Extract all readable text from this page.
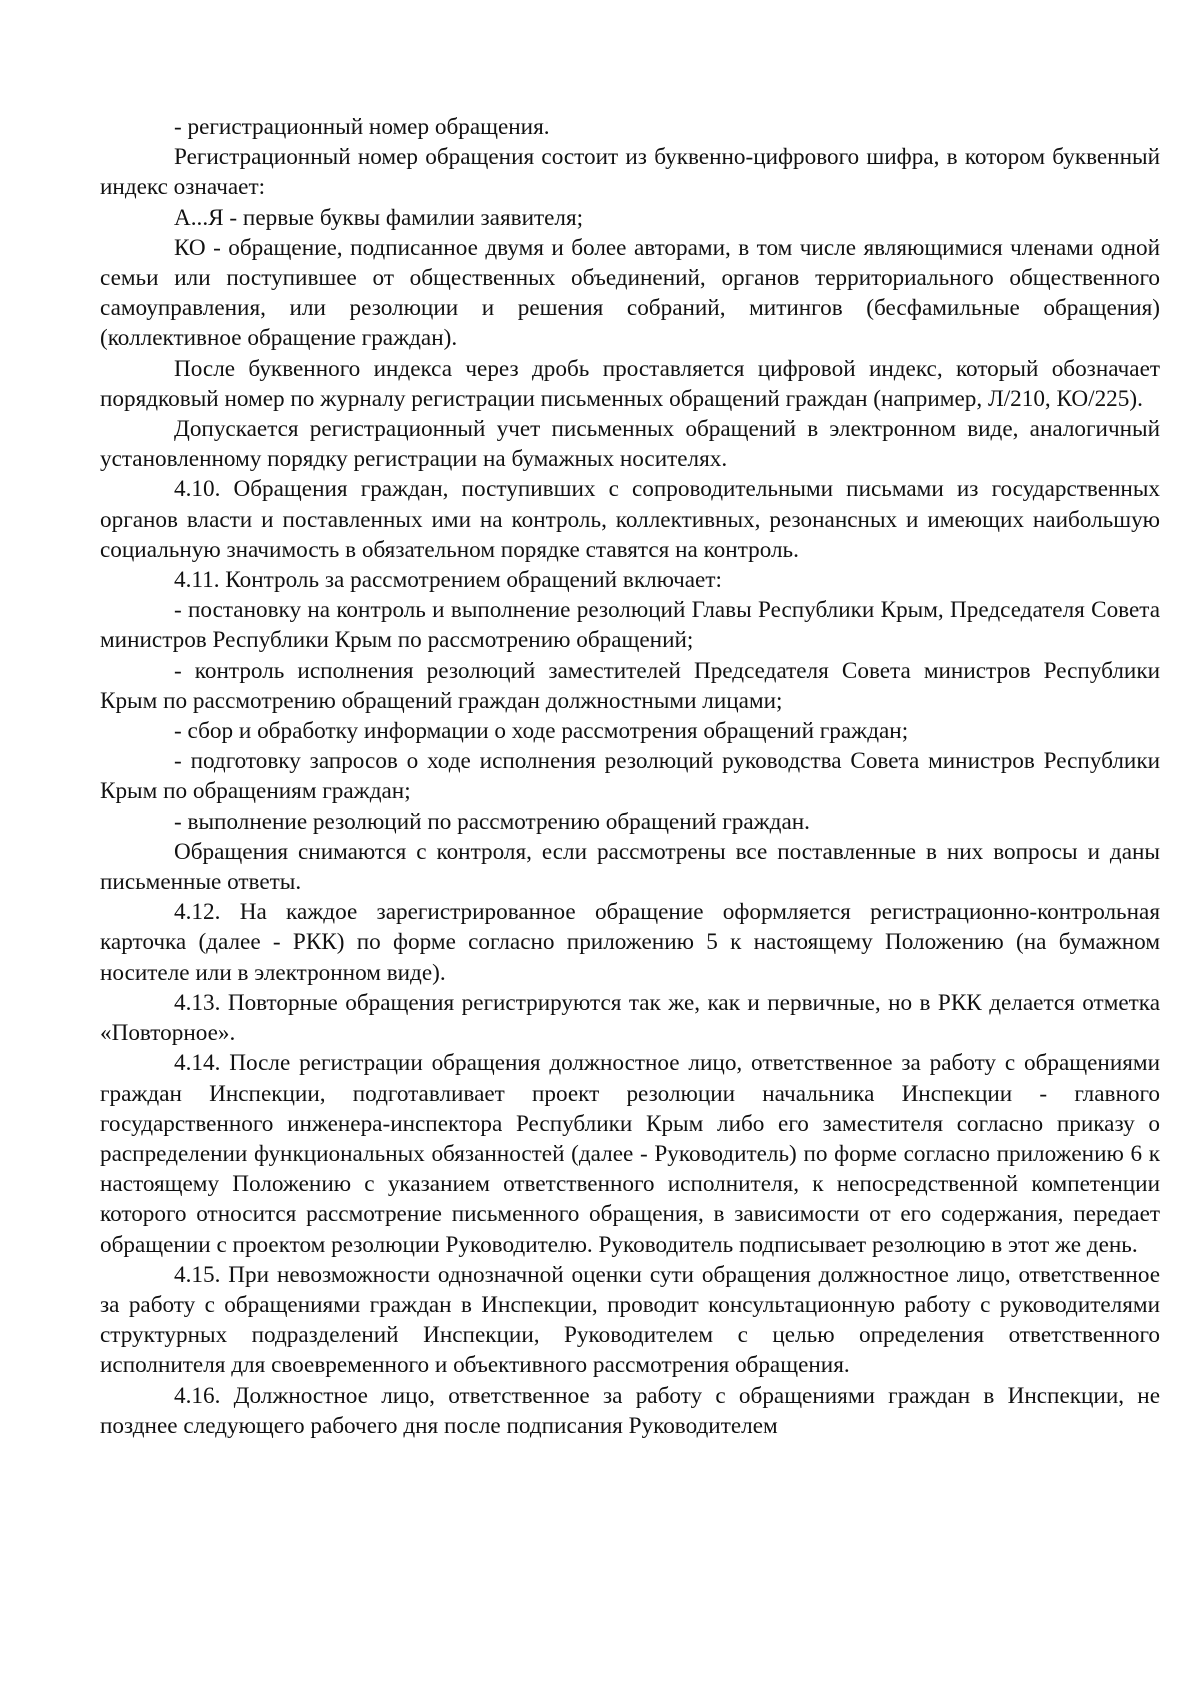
- регистрационный номер обращения.

Регистрационный номер обращения состоит из буквенно-цифрового шифра, в котором буквенный индекс означает:

А...Я - первые буквы фамилии заявителя;

КО - обращение, подписанное двумя и более авторами, в том числе являющимися членами одной семьи или поступившее от общественных объединений, органов территориального общественного самоуправления, или резолюции и решения собраний, митингов (бесфамильные обращения) (коллективное обращение граждан).

После буквенного индекса через дробь проставляется цифровой индекс, который обозначает порядковый номер по журналу регистрации письменных обращений граждан (например, Л/210, КО/225).

Допускается регистрационный учет письменных обращений в электронном виде, аналогичный установленному порядку регистрации на бумажных носителях.

4.10. Обращения граждан, поступивших с сопроводительными письмами из государственных органов власти и поставленных ими на контроль, коллективных, резонансных и имеющих наибольшую социальную значимость в обязательном порядке ставятся на контроль.

4.11. Контроль за рассмотрением обращений включает:

- постановку на контроль и выполнение резолюций Главы Республики Крым, Председателя Совета министров Республики Крым по рассмотрению обращений;

- контроль исполнения резолюций заместителей Председателя Совета министров Республики Крым по рассмотрению обращений граждан должностными лицами;

- сбор и обработку информации о ходе рассмотрения обращений граждан;

- подготовку запросов о ходе исполнения резолюций руководства Совета министров Республики Крым по обращениям граждан;

- выполнение резолюций по рассмотрению обращений граждан.

Обращения снимаются с контроля, если рассмотрены все поставленные в них вопросы и даны письменные ответы.

4.12. На каждое зарегистрированное обращение оформляется регистрационно-контрольная карточка (далее - РКК) по форме согласно приложению 5 к настоящему Положению (на бумажном носителе или в электронном виде).

4.13. Повторные обращения регистрируются так же, как и первичные, но в РКК делается отметка «Повторное».

4.14. После регистрации обращения должностное лицо, ответственное за работу с обращениями граждан Инспекции, подготавливает проект резолюции начальника Инспекции - главного государственного инженера-инспектора Республики Крым либо его заместителя согласно приказу о распределении функциональных обязанностей (далее - Руководитель) по форме согласно приложению 6 к настоящему Положению с указанием ответственного исполнителя, к непосредственной компетенции которого относится рассмотрение письменного обращения, в зависимости от его содержания, передает обращении с проектом резолюции Руководителю. Руководитель подписывает резолюцию в этот же день.

4.15. При невозможности однозначной оценки сути обращения должностное лицо, ответственное за работу с обращениями граждан в Инспекции, проводит консультационную работу с руководителями структурных подразделений Инспекции, Руководителем с целью определения ответственного исполнителя для своевременного и объективного рассмотрения обращения.

4.16. Должностное лицо, ответственное за работу с обращениями граждан в Инспекции, не позднее следующего рабочего дня после подписания Руководителем
